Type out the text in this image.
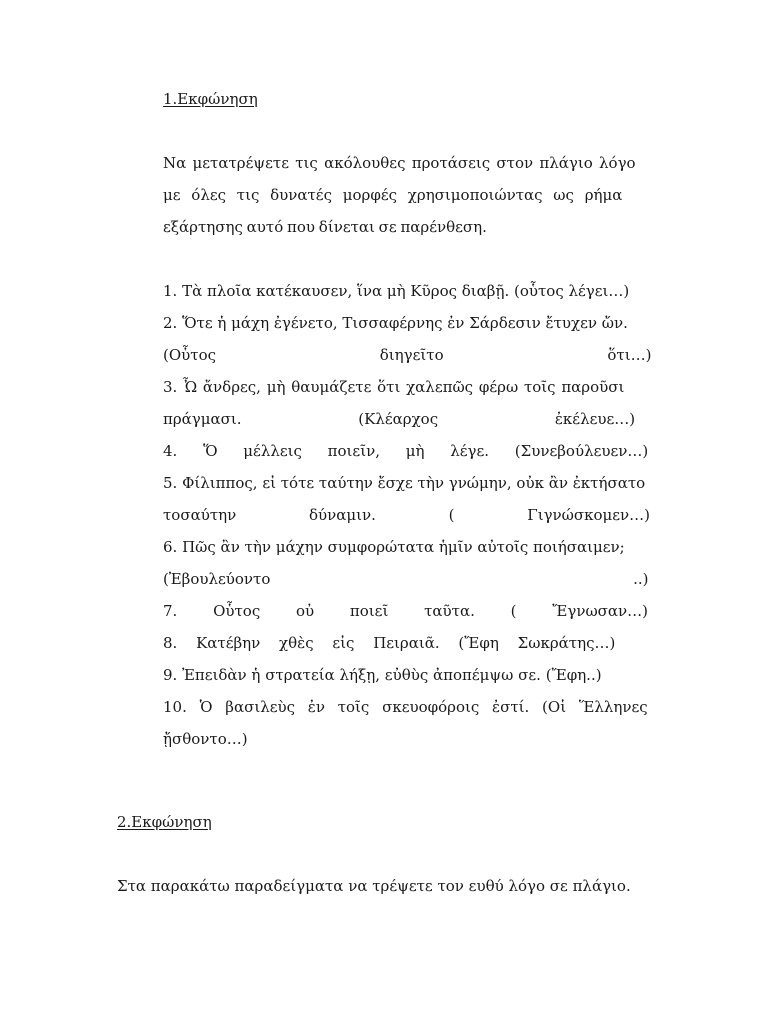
1.Εκφώνηση
Να μετατρέψετε τις ακόλουθες προτάσεις στον πλάγιο λόγο
με όλες τις δυνατές μορφές χρησιμοποιώντας ως ρήμα
εξάρτησης αυτό που δίνεται σε παρένθεση.
1. Τὰ πλοῖα κατέκαυσεν, ἵνα μὴ Κῦρος διαβῇ. (οὗτος λέγει…)
2. Ὅτε ἡ μάχη ἐγένετο, Τισσαφέρνης ἐν Σάρδεσιν ἔτυχεν ὤν.
(Οὗτος διηγεῖτο ὅτι…)
3. Ὦ ἄνδρες, μὴ θαυμάζετε ὅτι χαλεπῶς φέρω τοῖς παροῦσι
πράγμασι. (Κλέαρχος ἐκέλευε…)
4. Ὅ μέλλεις ποιεῖν, μὴ λέγε. (Συνεβούλευεν…)
5. Φίλιππος, εἰ τότε ταύτην ἔσχε τὴν γνώμην, οὐκ ἂν ἐκτήσατο
τοσαύτην δύναμιν. ( Γιγνώσκομεν…)
6. Πῶς ἂν τὴν μάχην συμφορώτατα ἡμῖν αὐτοῖς ποιήσαιμεν;
(Ἐβουλεύοντο ..)
7. Οὗτος οὐ ποιεῖ ταῦτα. ( Ἔγνωσαν…)
8. Κατέβην χθὲς εἰς Πειραιᾶ. (Ἔφη Σωκράτης…)
9. Ἐπειδὰν ἡ στρατεία λήξῃ, εὐθὺς ἀποπέμψω σε. (Ἔφη..)
10. Ὁ βασιλεὺς ἐν τοῖς σκευοφόροις ἐστί. (Οἱ Ἕλληνες
ᾔσθοντο…)
2.Εκφώνηση
Στα παρακάτω παραδείγματα να τρέψετε τον ευθύ λόγο σε πλάγιο.
